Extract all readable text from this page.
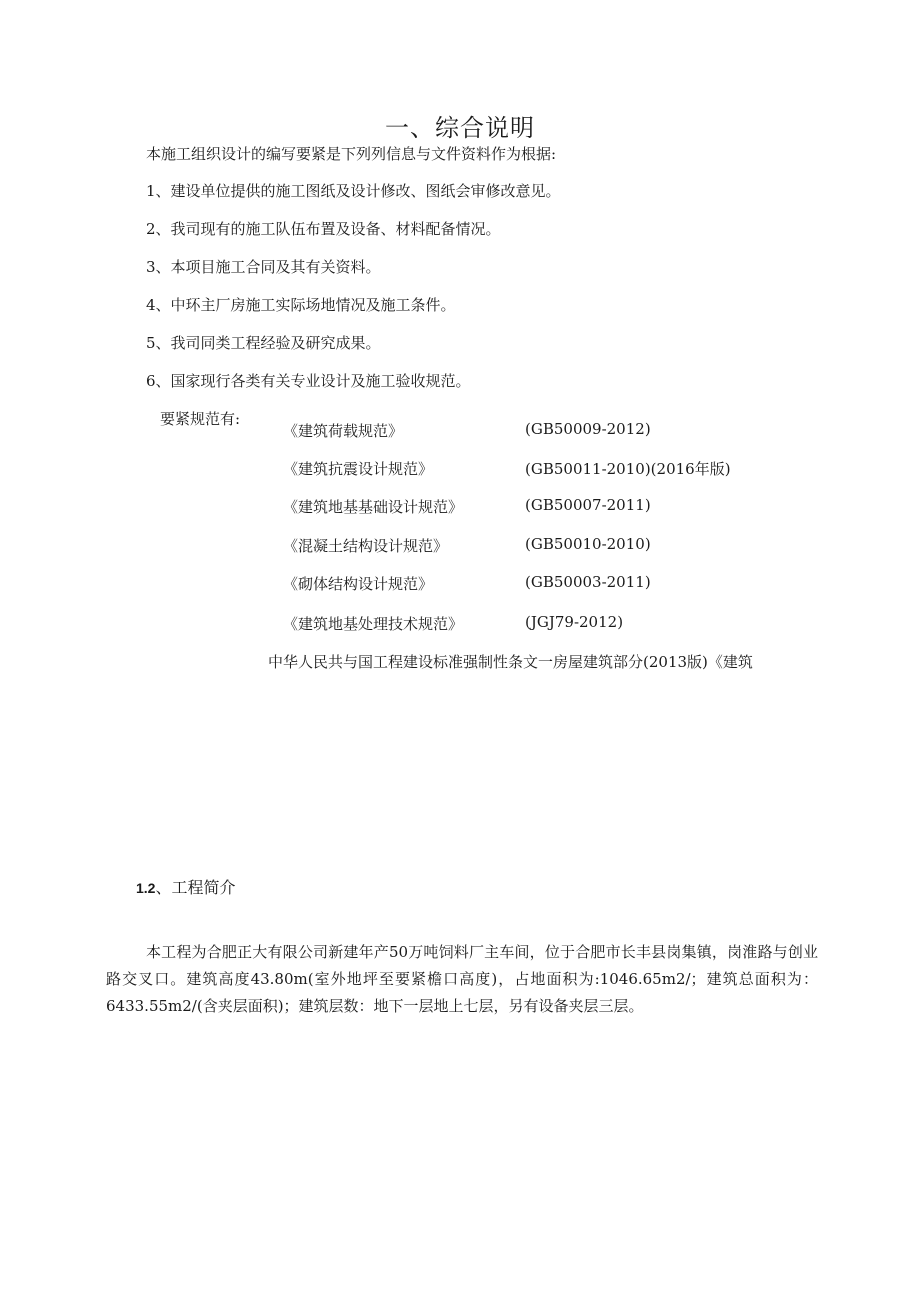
一、综合说明
本施工组织设计的编写要紧是下列列信息与文件资料作为根据:
1、建设单位提供的施工图纸及设计修改、图纸会审修改意见。
2、我司现有的施工队伍布置及设备、材料配备情况。
3、本项目施工合同及其有关资料。
4、中环主厂房施工实际场地情况及施工条件。
5、我司同类工程经验及研究成果。
6、国家现行各类有关专业设计及施工验收规范。
要紧规范有:
《建筑荷载规范》	(GB50009-2012)
《建筑抗震设计规范》	(GB50011-2010)(2016年版)
《建筑地基基础设计规范》	(GB50007-2011)
《混凝土结构设计规范》	(GB50010-2010)
《砌体结构设计规范》	(GB50003-2011)
《建筑地基处理技术规范》	(JGJ79-2012)
中华人民共与国工程建设标准强制性条文一房屋建筑部分(2013版)《建筑
1.2、工程简介
本工程为合肥正大有限公司新建年产50万吨饲料厂主车间，位于合肥市长丰县岗集镇，岗淮路与创业路交叉口。建筑高度43.80m(室外地坪至要紧檐口高度)，占地面积为:1046.65m2/；建筑总面积为：6433.55m2/(含夹层面积)；建筑层数：地下一层地上七层，另有设备夹层三层。
